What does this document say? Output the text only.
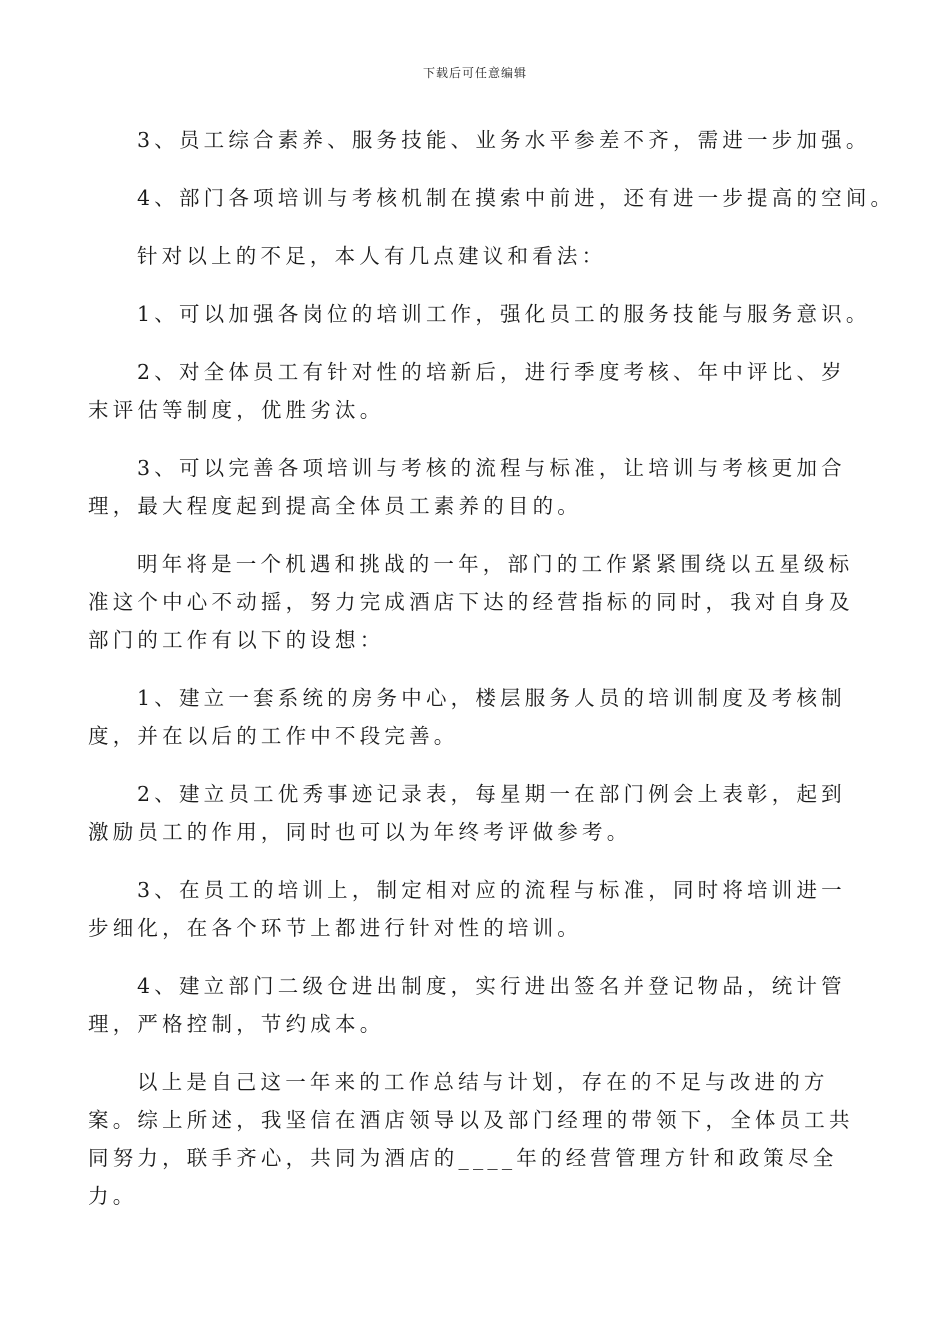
下载后可任意编辑

3、员工综合素养、服务技能、业务水平参差不齐，需进一步加强。

4、部门各项培训与考核机制在摸索中前进，还有进一步提高的空间。

针对以上的不足，本人有几点建议和看法：

1、可以加强各岗位的培训工作，强化员工的服务技能与服务意识。

2、对全体员工有针对性的培新后，进行季度考核、年中评比、岁末评估等制度，优胜劣汰。

3、可以完善各项培训与考核的流程与标准，让培训与考核更加合理，最大程度起到提高全体员工素养的目的。

明年将是一个机遇和挑战的一年，部门的工作紧紧围绕以五星级标准这个中心不动摇，努力完成酒店下达的经营指标的同时，我对自身及部门的工作有以下的设想：

1、建立一套系统的房务中心，楼层服务人员的培训制度及考核制度，并在以后的工作中不段完善。

2、建立员工优秀事迹记录表，每星期一在部门例会上表彰，起到激励员工的作用，同时也可以为年终考评做参考。

3、在员工的培训上，制定相对应的流程与标准，同时将培训进一步细化，在各个环节上都进行针对性的培训。

4、建立部门二级仓进出制度，实行进出签名并登记物品，统计管理，严格控制，节约成本。

以上是自己这一年来的工作总结与计划，存在的不足与改进的方案。综上所述，我坚信在酒店领导以及部门经理的带领下，全体员工共同努力，联手齐心，共同为酒店的____年的经营管理方针和政策尽全力。
